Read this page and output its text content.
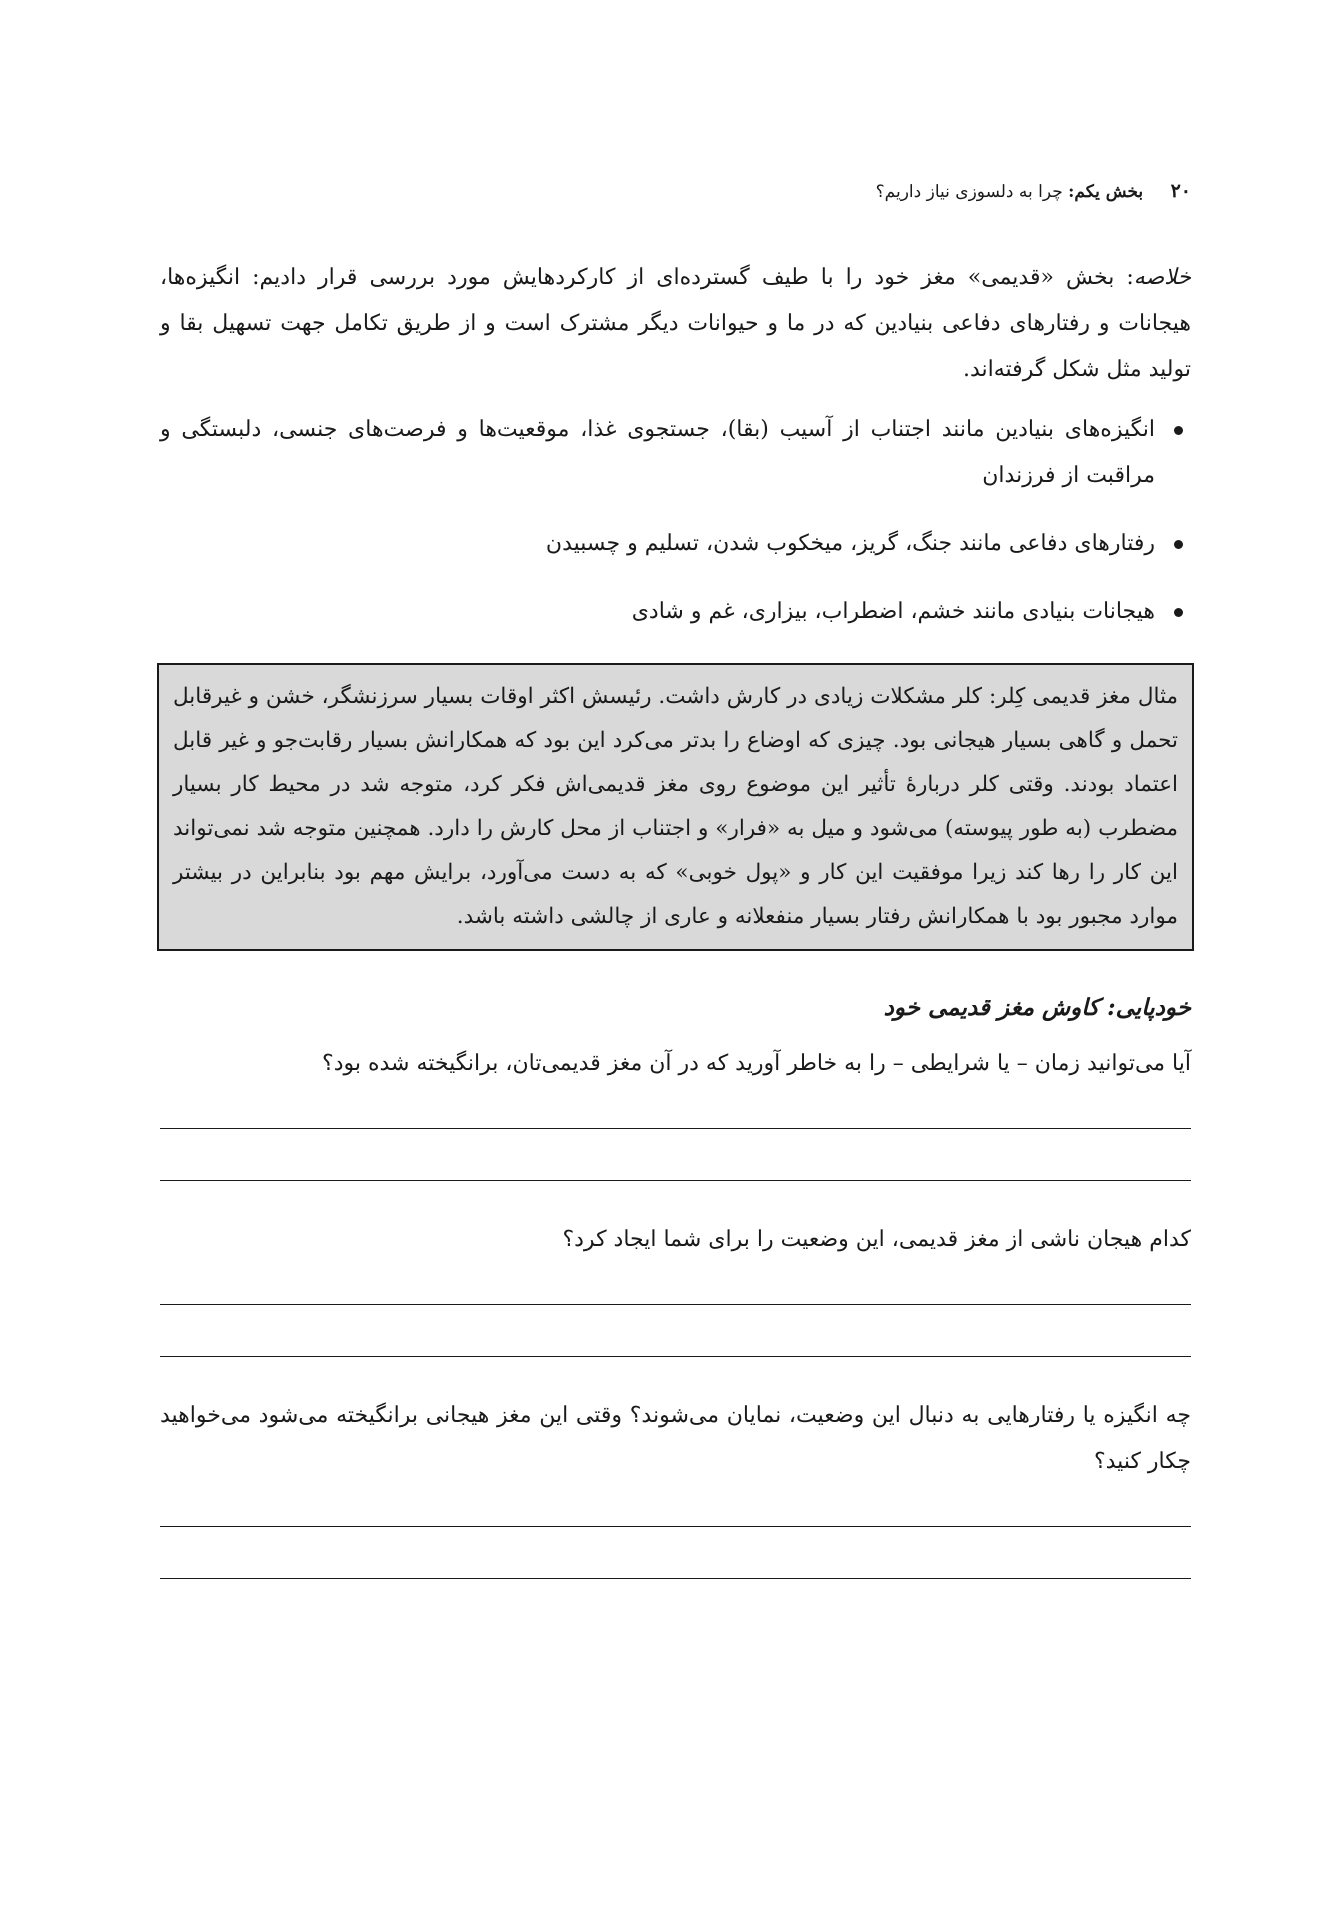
۲۰ بخش یکم: چرا به دلسوزی نیاز داریم؟

خلاصه: بخش «قدیمی» مغز خود را با طیف گسترده‌ای از کارکردهایش مورد بررسی قرار دادیم: انگیزه‌ها، هیجانات و رفتارهای دفاعی بنیادین که در ما و حیوانات دیگر مشترک است و از طریق تکامل جهت تسهیل بقا و تولید مثل شکل گرفته‌اند.

انگیزه‌های بنیادین مانند اجتناب از آسیب (بقا)، جستجوی غذا، موقعیت‌ها و فرصت‌های جنسی، دلبستگی و مراقبت از فرزندان
رفتارهای دفاعی مانند جنگ، گریز، میخکوب شدن، تسلیم و چسبیدن
هیجانات بنیادی مانند خشم، اضطراب، بیزاری، غم و شادی
مثال مغز قدیمی کِلر: کلر مشکلات زیادی در کارش داشت. رئیسش اکثر اوقات بسیار سرزنشگر، خشن و غیرقابل تحمل و گاهی بسیار هیجانی بود. چیزی که اوضاع را بدتر می‌کرد این بود که همکارانش بسیار رقابت‌جو و غیر قابل اعتماد بودند. وقتی کلر دربارهٔ تأثیر این موضوع روی مغز قدیمی‌اش فکر کرد، متوجه شد در محیط کار بسیار مضطرب (به طور پیوسته) می‌شود و میل به «فرار» و اجتناب از محل کارش را دارد. همچنین متوجه شد نمی‌تواند این کار را رها کند زیرا موفقیت این کار و «پول خوبی» که به دست می‌آورد، برایش مهم بود بنابراین در بیشتر موارد مجبور بود با همکارانش رفتار بسیار منفعلانه و عاری از چالشی داشته باشد.
خودپایی: کاوش مغز قدیمی خود
آیا می‌توانید زمان – یا شرایطی – را به خاطر آورید که در آن مغز قدیمی‌تان، برانگیخته شده بود؟
کدام هیجان ناشی از مغز قدیمی، این وضعیت را برای شما ایجاد کرد؟
چه انگیزه یا رفتارهایی به دنبال این وضعیت، نمایان می‌شوند؟ وقتی این مغز هیجانی برانگیخته می‌شود می‌خواهید چکار کنید؟
